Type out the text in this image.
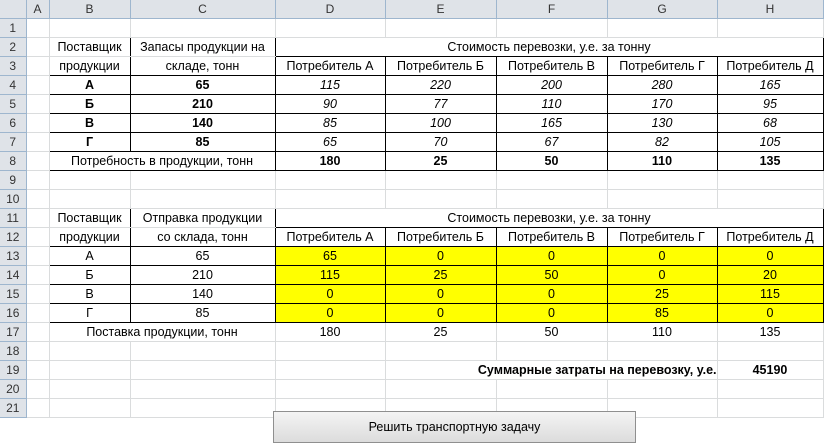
	A	B	C	D	E	F	G	H
1								
2		Поставщик	Запасы продукции на	Стоимость перевозки, у.е. за тонну				
3		продукции	складе, тонн	Потребитель А	Потребитель Б	Потребитель В	Потребитель Г	Потребитель Д
4		А	65	115	220	200	280	165
5		Б	210	90	77	110	170	95
6		В	140	85	100	165	130	68
7		Г	85	65	70	67	82	105
8		Потребность в продукции, тонн		180	25	50	110	135
9								
10								
11		Поставщик	Отправка продукции	Стоимость перевозки, у.е. за тонну				
12		продукции	со склада, тонн	Потребитель А	Потребитель Б	Потребитель В	Потребитель Г	Потребитель Д
13		А	65	65	0	0	0	0
14		Б	210	115	25	50	0	20
15		В	140	0	0	0	25	115
16		Г	85	0	0	0	85	0
17		Поставка продукции, тонн		180	25	50	110	135
18								
19					Суммарные затраты на перевозку, у.е.			45190
20								
21								
Решить транспортную задачу
